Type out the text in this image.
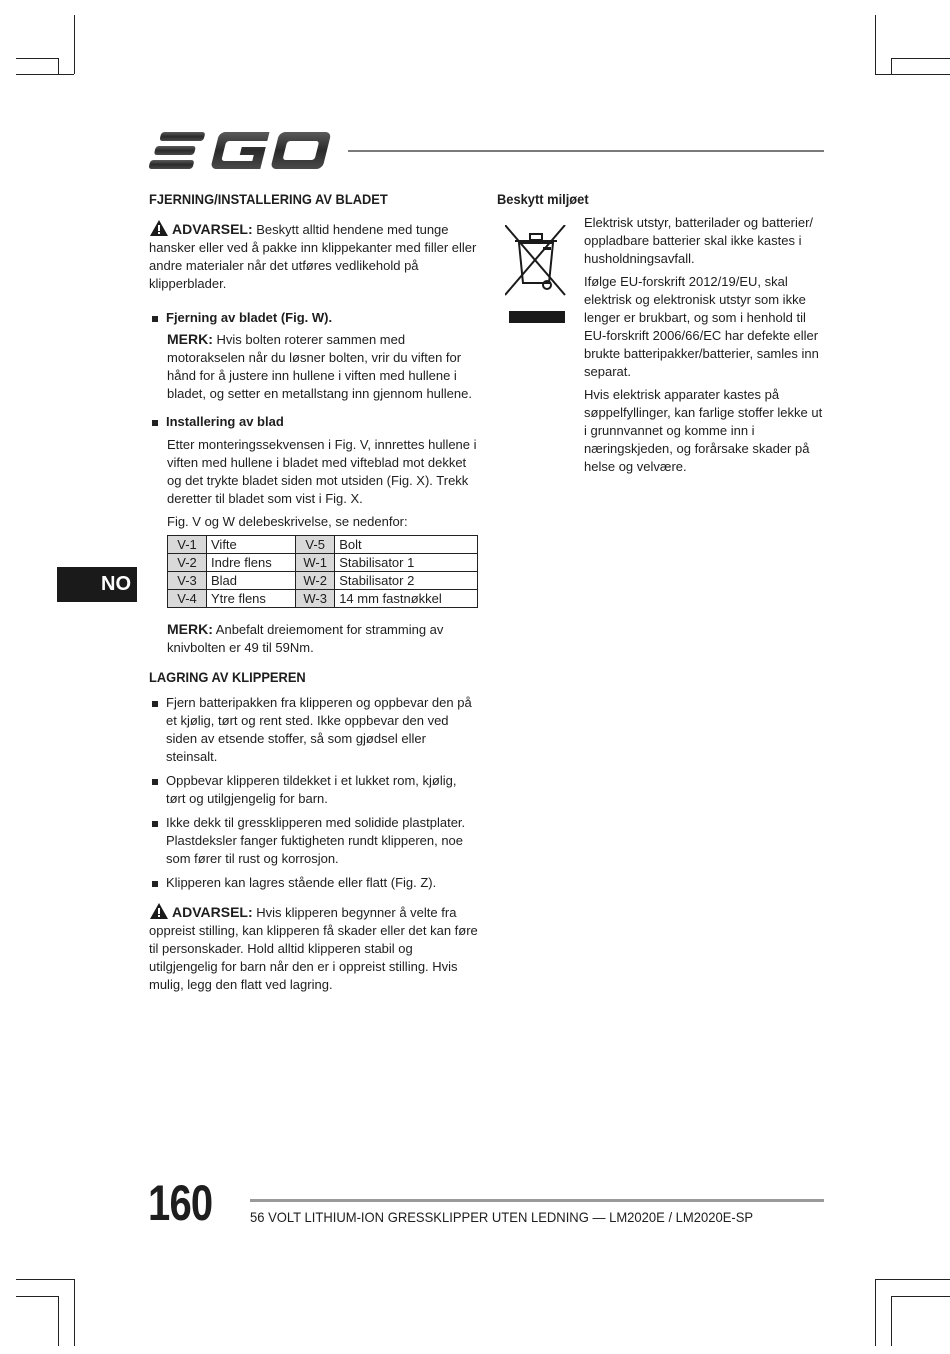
FJERNING/INSTALLERING AV BLADET

ADVARSEL: Beskytt alltid hendene med tunge hansker eller ved å pakke inn klippekanter med filler eller andre materialer når det utføres vedlikehold på klipperblader.
Fjerning av bladet (Fig. W).
MERK: Hvis bolten roterer sammen med motorakselen når du løsner bolten, vrir du viften for hånd for å justere inn hullene i viften med hullene i bladet, og setter en metallstang inn gjennom hullene.
Installering av blad

Etter monteringssekvensen i Fig. V, innrettes hullene i viften med hullene i bladet med vifteblad mot dekket og det trykte bladet siden mot utsiden (Fig. X). Trekk deretter til bladet som vist i Fig. X.

Fig. V og W delebeskrivelse, se nedenfor:

V-1	Vifte	V-5	Bolt
V-2	Indre flens	W-1	Stabilisator 1
V-3	Blad	W-2	Stabilisator 2
V-4	Ytre flens	W-3	14 mm fastnøkkel
MERK: Anbefalt dreiemoment for stramming av knivbolten er 49 til 59Nm.

LAGRING AV KLIPPEREN

Fjern batteripakken fra klipperen og oppbevar den på et kjølig, tørt og rent sted. Ikke oppbevar den ved siden av etsende stoffer, så som gjødsel eller steinsalt.
Oppbevar klipperen tildekket i et lukket rom, kjølig, tørt og utilgjengelig for barn.
Ikke dekk til gressklipperen med solidide plastplater. Plastdeksler fanger fuktigheten rundt klipperen, noe som fører til rust og korrosjon.
Klipperen kan lagres stående eller flatt (Fig. Z).
ADVARSEL: Hvis klipperen begynner å velte fra oppreist stilling, kan klipperen få skader eller det kan føre til personskader. Hold alltid klipperen stabil og utilgjengelig for barn når den er i oppreist stilling. Hvis mulig, legg den flatt ved lagring.

Beskytt miljøet

Elektrisk utstyr, batterilader og batterier/ oppladbare batterier skal ikke kastes i husholdningsavfall.

Ifølge EU-forskrift 2012/19/EU, skal elektrisk og elektronisk utstyr som ikke lenger er brukbart, og som i henhold til EU-forskrift 2006/66/EC har defekte eller brukte batteripakker/batterier, samles inn separat.

Hvis elektrisk apparater kastes på søppelfyllinger, kan farlige stoffer lekke ut i grunnvannet og komme inn i næringskjeden, og forårsake skader på helse og velvære.

NO
160	56 VOLT LITHIUM-ION GRESSKLIPPER UTEN LEDNING — LM2020E / LM2020E-SP
